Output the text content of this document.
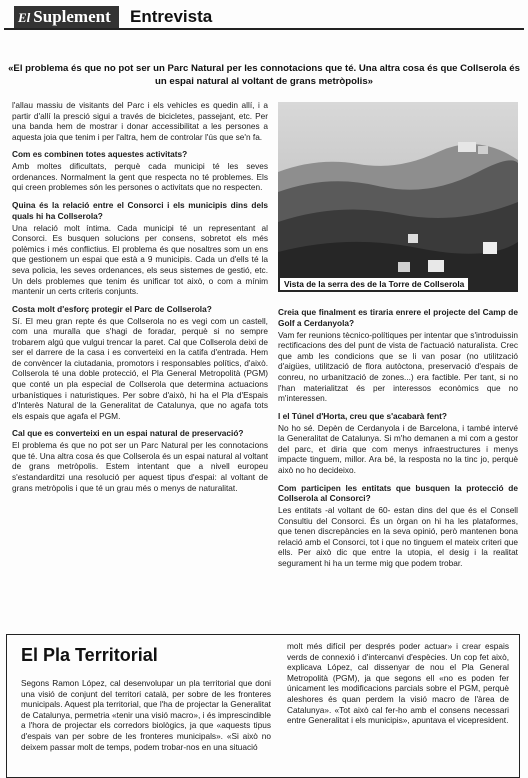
El Suplement	Entrevista
«El problema és que no pot ser un Parc Natural per les connotacions que té. Una altra cosa és que Collserola és un espai natural al voltant de grans metròpolis»

l'allau massiu de visitants del Parc i els vehicles es quedin allí, i a partir d'allí la presció sigui a través de bicicletes, passejant, etc. Per una banda hem de mostrar i donar accessibilitat a les persones a aquesta joia que tenim i per l'altra, hem de controlar l'ús que se'n fa.

Com es combinen totes aquestes activitats?

Amb moltes dificultats, perquè cada municipi té les seves ordenances. Normalment la gent que respecta no té problemes. Els qui creen problemes són les persones o activitats que no respecten.

Quina és la relació entre el Consorci i els municipis dins dels quals hi ha Collserola?

Una relació molt íntima. Cada municipi té un representant al Consorci. Es busquen solucions per consens, sobretot els més polèmics i més conflictius. El problema és que nosaltres som un ens que gestionem un espai que està a 9 municipis. Cada un d'ells té la seva policia, les seves ordenances, els seus sistemes de gestió, etc. Un dels problemes que tenim és unificar tot això, o com a mínim mantenir un certs criteris conjunts.

Costa molt d'esforç protegir el Parc de Collserola?

Sí. El meu gran repte és que Collserola no es vegi com un castell, com una muralla que s'hagi de foradar, perquè si no sempre trobarem algú que vulgui trencar la paret. Cal que Collserola deixi de ser el darrere de la casa i es converteixi en la catifa d'entrada. Hem de convèncer la ciutadania, promotors i responsables polítics, d'això. Collserola té una doble protecció, el Pla General Metropolità (PGM) que conté un pla especial de Collserola que determina actuacions urbanístiques i naturistiques. Per sobre d'això, hi ha el Pla d'Espais d'Interès Natural de la Generalitat de Catalunya, que no agafa tots els espais que agafa el PGM.

Cal que es converteixi en un espai natural de preservació?

El problema és que no pot ser un Parc Natural per les connotacions que té. Una altra cosa és que Collserola és un espai natural al voltant de grans metròpolis. Estem intentant que a nivell europeu s'estandarditzi una resolució per aquest tipus d'espai: al voltant de grans metròpolis i que té un grau més o menys de naturalitat.

Vista de la serra des de la Torre de Collserola

Creia que finalment es tiraria enrere el projecte del Camp de Golf a Cerdanyola?

Vam fer reunions tècnico-polítiques per intentar que s'introduissin rectificacions des del punt de vista de l'actuació naturalista. Crec que amb les condicions que se li van posar (no utilització d'aigües, utilització de flora autòctona, preservació d'espais de conreu, no urbanització de zones...) era factible. Per tant, si no l'han materialitzat és per interessos econòmics que no m'interessen.

I el Túnel d'Horta, creu que s'acabarà fent?

No ho sé. Depèn de Cerdanyola i de Barcelona, i també intervé la Generalitat de Catalunya. Si m'ho demanen a mi com a gestor del parc, et diria que com menys infraestructures i menys impacte tinguem, millor. Ara bé, la resposta no la tinc jo, perquè això no ho decideixo.

Com participen les entitats que busquen la protecció de Collserola al Consorci?

Les entitats -al voltant de 60- estan dins del que és el Consell Consultiu del Consorci. És un òrgan on hi ha les plataformes, que tenen discrepàncies en la seva opinió, però mantenen bona relació amb el Consorci, tot i que no tinguem el mateix criteri que ells. Per això dic que entre la utopia, el desig i la realitat segurament hi ha un terme mig que podem trobar.

El Pla Territorial
Segons Ramon López, cal desenvolupar un pla territorial que doni una visió de conjunt del territori català, per sobre de les fronteres municipals. Aquest pla territorial, que l'ha de projectar la Generalitat de Catalunya, permetria «tenir una visió macro», i és imprescindible a l'hora de projectar els corredors biològics, ja que «aquests tipus d'espais van per sobre de les fronteres municipals». «Si això no deixem passar molt de temps, podem trobar-nos en una situació
molt més difícil per després poder actuar» i crear espais verds de connexió i d'intercanvi d'espècies. Un cop fet això, explicava López, cal dissenyar de nou el Pla General Metropolità (PGM), ja que segons ell «no es poden fer únicament les modificacions parcials sobre el PGM, perquè aleshores és quan perdem la visió macro de l'àrea de Catalunya». «Tot això cal fer-ho amb el consens necessari entre Generalitat i els municipis», apuntava el vicepresident.
